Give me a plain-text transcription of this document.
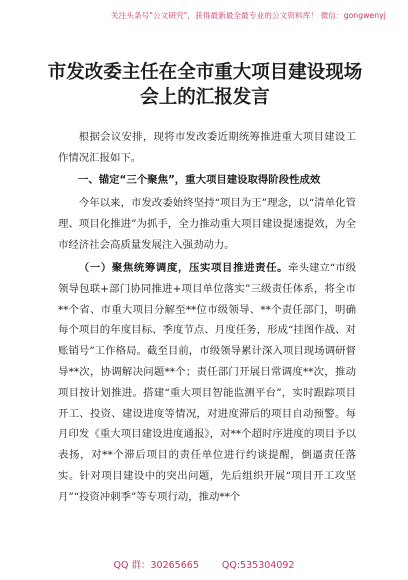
关注头条号"公文研究"，获得最新最全最专业的公文资料库！ 微信：gongwenyj
市发改委主任在全市重大项目建设现场会上的汇报发言
根据会议安排，现将市发改委近期统筹推进重大项目建设工作情况汇报如下。
一、锚定“三个聚焦”，重大项目建设取得阶段性成效
今年以来，市发改委始终坚持“项目为王”理念，以“清单化管理、项目化推进”为抓手，全力推动重大项目建设提速提效，为全市经济社会高质量发展注入强劲动力。
（一）聚焦统筹调度，压实项目推进责任。牵头建立“市级领导包联+部门协同推进+项目单位落实”三级责任体系，将全市**个省、市重大项目分解至**位市级领导、**个责任部门，明确每个项目的年度目标、季度节点、月度任务，形成“挂图作战、对账销号”工作格局。截至目前，市级领导累计深入项目现场调研督导**次，协调解决问题**个；责任部门开展日常调度**次，推动项目按计划推进。搭建“重大项目智能监测平台”，实时跟踪项目开工、投资、建设进度等情况，对进度滞后的项目自动预警。每月印发《重大项目建设进度通报》，对**个超时序进度的项目予以表扬，对**个滞后项目的责任单位进行约谈提醒，倒逼责任落实。针对项目建设中的突出问题，先后组织开展“项目开工攻坚月”“投资冲刺季”等专项行动，推动**个
QQ 群：30265665 QQ:535304092
